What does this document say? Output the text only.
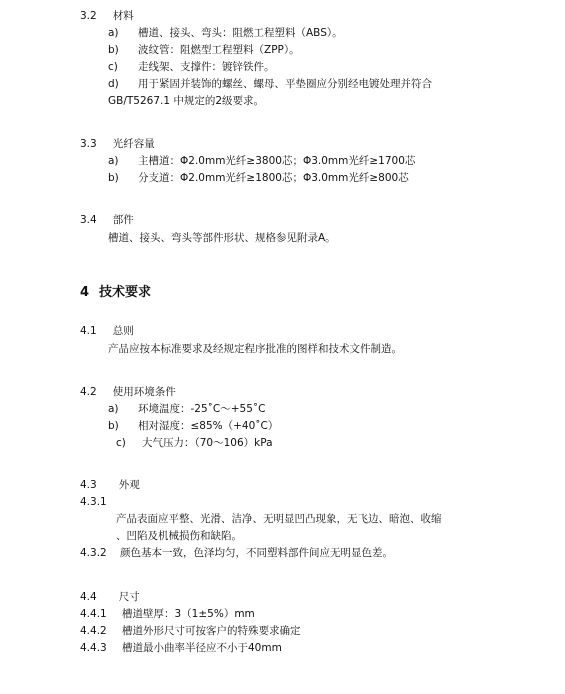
3.2 材料
a) 槽道、接头、弯头：阻燃工程塑料（ABS）。
b) 波纹管：阻燃型工程塑料（ZPP）。
c) 走线架、支撑件：镀锌铁件。
d) 用于紧固并装饰的螺丝、螺母、平垫圈应分别经电镀处理并符合
GB/T5267.1 中规定的2级要求。
3.3 光纤容量
a) 主槽道：Φ2.0mm光纤≥3800芯；Φ3.0mm光纤≥1700芯
b) 分支道：Φ2.0mm光纤≥1800芯；Φ3.0mm光纤≥800芯
3.4 部件
槽道、接头、弯头等部件形状、规格参见附录A。
4 技术要求
4.1 总则
产品应按本标准要求及经规定程序批准的图样和技术文件制造。
4.2 使用环境条件
a) 环境温度：-25˚C～+55˚C
b) 相对湿度：≤85%（+40˚C）
c) 大气压力：（70～106）kPa
4.3 外观
4.3.1
产品表面应平整、光滑、洁净、无明显凹凸现象，无飞边、暗泡、收缩
、凹陷及机械损伤和缺陷。
4.3.2 颜色基本一致，色泽均匀，不同塑料部件间应无明显色差。
4.4 尺寸
4.4.1 槽道壁厚：3（1±5%）mm
4.4.2 槽道外形尺寸可按客户的特殊要求确定
4.4.3 槽道最小曲率半径应不小于40mm
